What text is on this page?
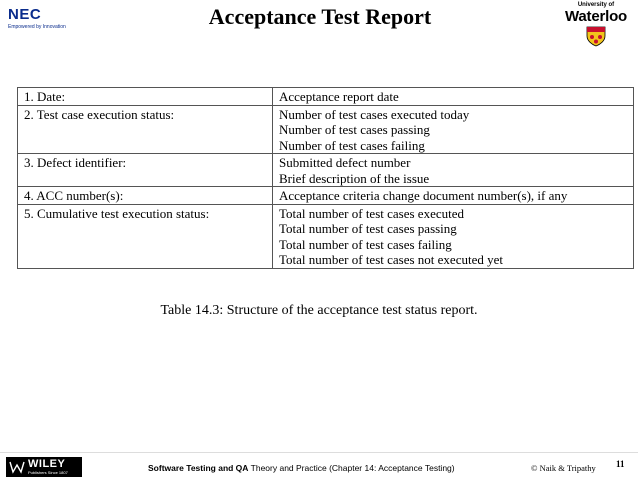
NEC
Empowered by Innovation	Acceptance Test Report	University of
Waterloo
1. Date:	Acceptance report date

2. Test case execution status:	Number of test cases executed today
Number of test cases passing
Number of test cases failing

3. Defect identifier:	Submitted defect number
Brief description of the issue

4. ACC number(s):	Acceptance criteria change document number(s), if any

5. Cumulative test execution status:	Total number of test cases executed
Total number of test cases passing
Total number of test cases failing
Total number of test cases not executed yet
Table 14.3: Structure of the acceptance test status report.
WILEY
Publishers Since 1807	Software Testing and QA Theory and Practice (Chapter 14: Acceptance Testing)	© Naik & Tripathy 11
